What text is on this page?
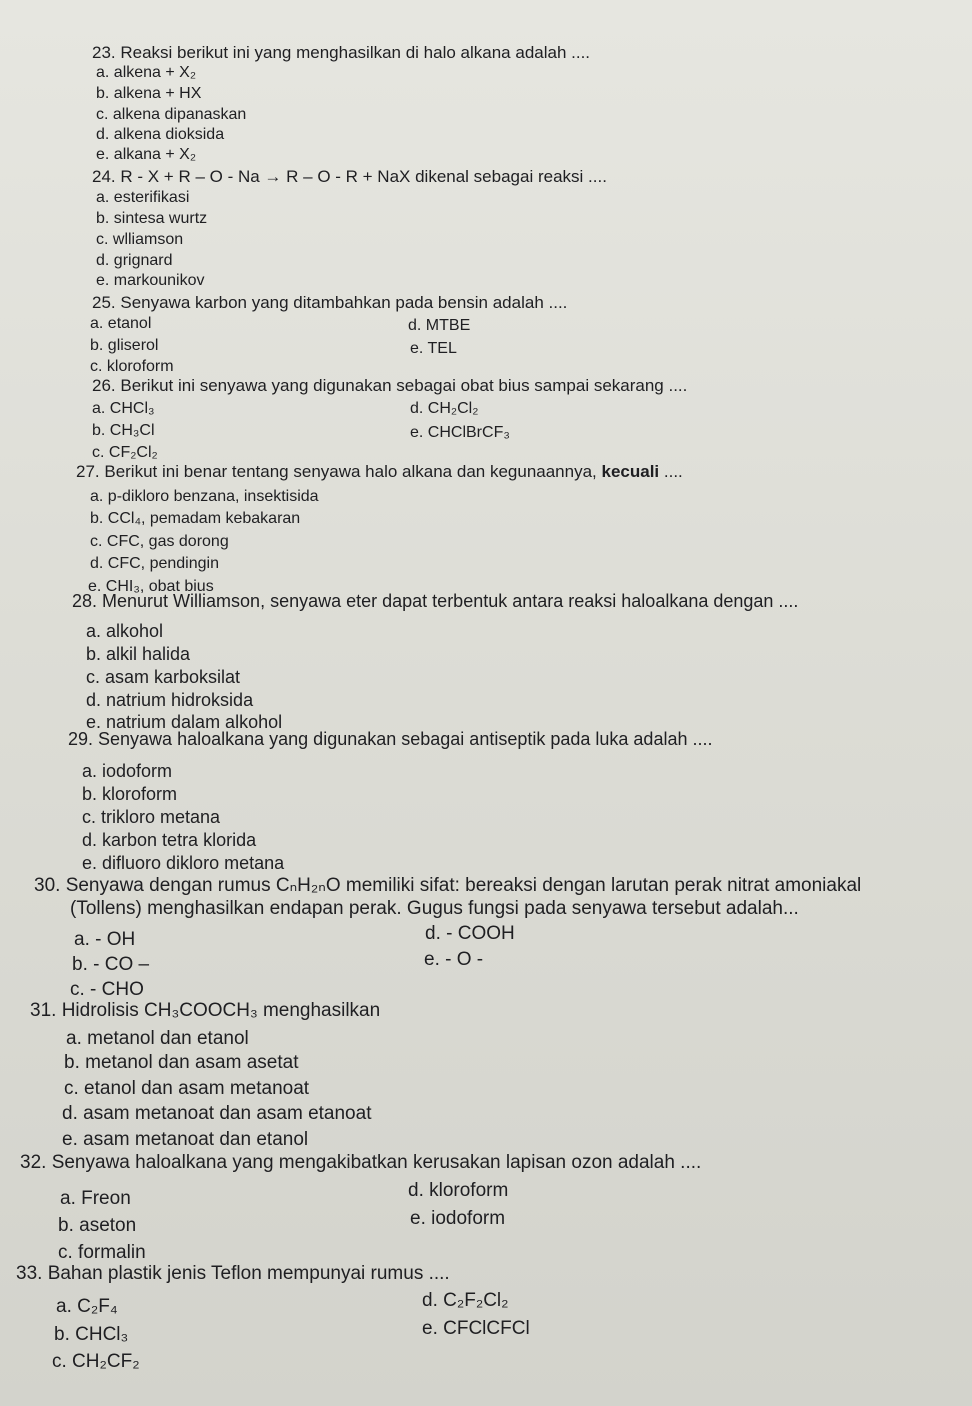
23. Reaksi berikut ini yang menghasilkan di halo alkana adalah ....
a. alkena + X₂
b. alkena + HX
c. alkena dipanaskan
d. alkena dioksida
e. alkana + X₂
24. R - X + R – O - Na → R – O - R + NaX dikenal sebagai reaksi ....
a. esterifikasi
b. sintesa wurtz
c. wlliamson
d. grignard
e. markounikov
25. Senyawa karbon yang ditambahkan pada bensin adalah ....
a. etanol	d. MTBE
b. gliserol	e. TEL
c. kloroform
26. Berikut ini senyawa yang digunakan sebagai obat bius sampai sekarang ....
a. CHCl₃	d. CH₂Cl₂
b. CH₃Cl	e. CHClBrCF₃
c. CF₂Cl₂
27. Berikut ini benar tentang senyawa halo alkana dan kegunaannya, kecuali ....
a. p-dikloro benzana, insektisida
b. CCl₄, pemadam kebakaran
c. CFC, gas dorong
d. CFC, pendingin
e. CHI₃, obat bius
28. Menurut Williamson, senyawa eter dapat terbentuk antara reaksi haloalkana dengan ....
a. alkohol
b. alkil halida
c. asam karboksilat
d. natrium hidroksida
e. natrium dalam alkohol
29. Senyawa haloalkana yang digunakan sebagai antiseptik pada luka adalah ....
a. iodoform
b. kloroform
c. trikloro metana
d. karbon tetra klorida
e. difluoro dikloro metana
30. Senyawa dengan rumus CₙH₂ₙO memiliki sifat: bereaksi dengan larutan perak nitrat amoniakal
(Tollens) menghasilkan endapan perak. Gugus fungsi pada senyawa tersebut adalah...
a. - OH	d. - COOH
b. - CO –	e. - O -
c. - CHO
31. Hidrolisis CH₃COOCH₃ menghasilkan
a. metanol dan etanol
b. metanol dan asam asetat
c. etanol dan asam metanoat
d. asam metanoat dan asam etanoat
e. asam metanoat dan etanol
32. Senyawa haloalkana yang mengakibatkan kerusakan lapisan ozon adalah ....
a. Freon	d. kloroform
b. aseton	e. iodoform
c. formalin
33. Bahan plastik jenis Teflon mempunyai rumus ....
a. C₂F₄	d. C₂F₂Cl₂
b. CHCl₃	e. CFClCFCl
c. CH₂CF₂
